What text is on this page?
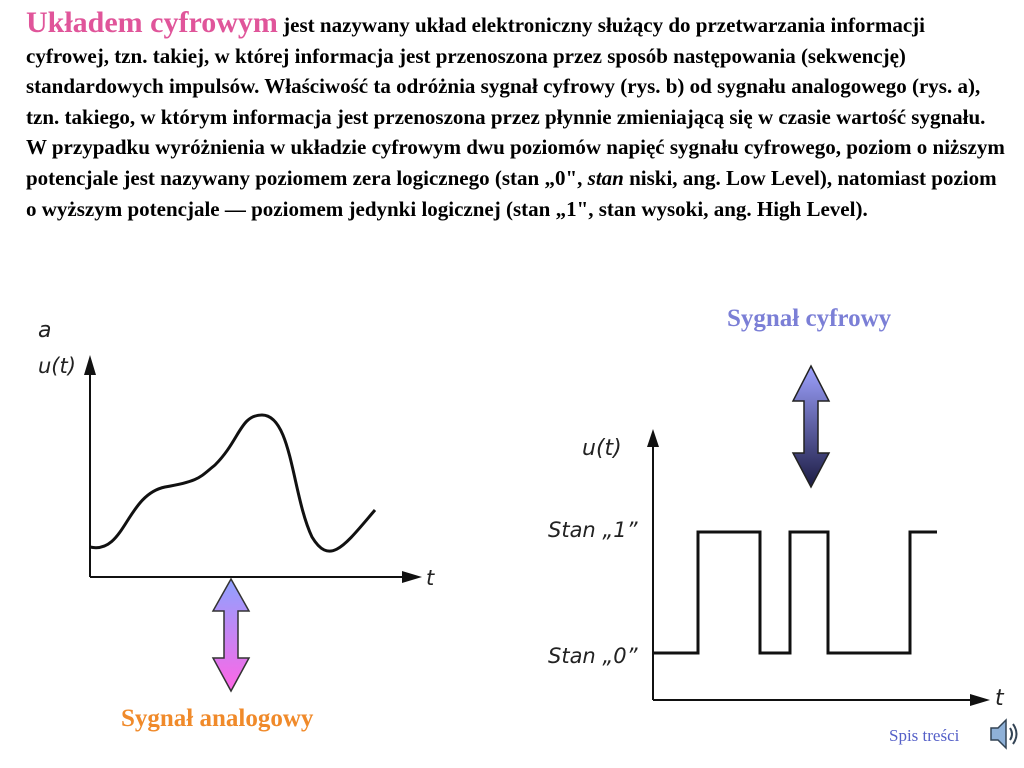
Układem cyfrowym jest nazywany układ elektroniczny służący do przetwarzania informacji cyfrowej, tzn. takiej, w której informacja jest przenoszona przez sposób następowania (sekwencję) standardowych impulsów. Właściwość ta odróżnia sygnał cyfrowy (rys. b) od sygnału analogowego (rys. a), tzn. takiego, w którym informacja jest przenoszona przez płynnie zmieniającą się w czasie wartość sygnału. W przypadku wyróżnienia w układzie cyfrowym dwu poziomów napięć sygnału cyfrowego, poziom o niższym potencjale jest nazywany poziomem zera logicznego (stan „0", stan niski, ang. Low Level), natomiast poziom o wyższym potencjale — poziomem jedynki logicznej (stan „1", stan wysoki, ang. High Level).

a
u(t)
t
u(t)
Stan „1”
Stan „0”
t
Sygnał cyfrowy
Sygnał analogowy
Spis treści
